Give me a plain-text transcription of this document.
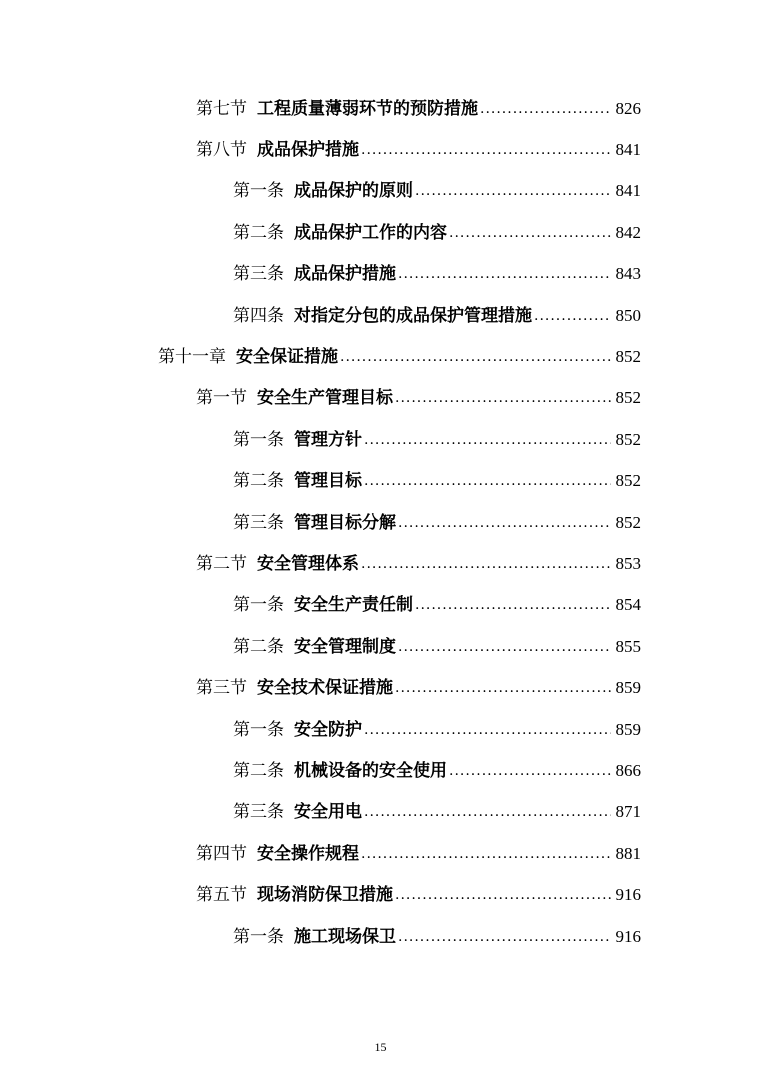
第七节 工程质量薄弱环节的预防措施 .....	826
第八节 成品保护措施 .....	841
第一条 成品保护的原则 .....	841
第二条 成品保护工作的内容 .....	842
第三条 成品保护措施 .....	843
第四条 对指定分包的成品保护管理措施 .....	850
第十一章 安全保证措施 .....	852
第一节 安全生产管理目标 .....	852
第一条 管理方针 .....	852
第二条 管理目标 .....	852
第三条 管理目标分解 .....	852
第二节 安全管理体系 .....	853
第一条 安全生产责任制 .....	854
第二条 安全管理制度 .....	855
第三节 安全技术保证措施 .....	859
第一条 安全防护 .....	859
第二条 机械设备的安全使用 .....	866
第三条 安全用电 .....	871
第四节 安全操作规程 .....	881
第五节 现场消防保卫措施 .....	916
第一条 施工现场保卫 .....	916
15
